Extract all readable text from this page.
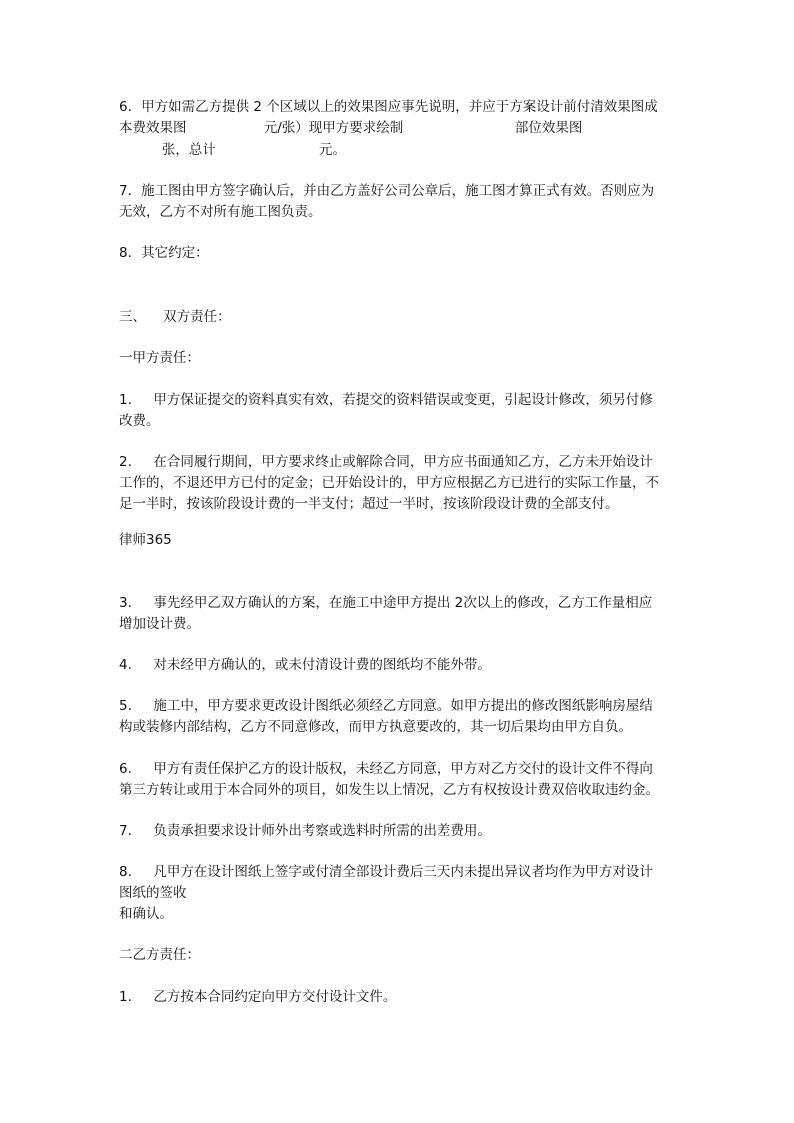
6．甲方如需乙方提供 2 个区域以上的效果图应事先说明，并应于方案设计前付清效果图成
本费效果图                  元/张）现甲方要求绘制                          部位效果图
张，总计                        元。
7．施工图由甲方签字确认后，并由乙方盖好公司公章后，施工图才算正式有效。否则应为
无效，乙方不对所有施工图负责。
8．其它约定：
三、    双方责任：
一甲方责任：
1.     甲方保证提交的资料真实有效，若提交的资料错误或变更，引起设计修改，须另付修
改费。
2.     在合同履行期间，甲方要求终止或解除合同，甲方应书面通知乙方，乙方未开始设计
工作的，不退还甲方已付的定金；已开始设计的，甲方应根据乙方已进行的实际工作量，不
足一半时，按该阶段设计费的一半支付；超过一半时，按该阶段设计费的全部支付。
律师365
3.     事先经甲乙双方确认的方案，在施工中途甲方提出 2次以上的修改，乙方工作量相应
增加设计费。
4.     对未经甲方确认的，或未付清设计费的图纸均不能外带。
5.     施工中，甲方要求更改设计图纸必须经乙方同意。如甲方提出的修改图纸影响房屋结
构或装修内部结构，乙方不同意修改，而甲方执意要改的，其一切后果均由甲方自负。
6.     甲方有责任保护乙方的设计版权，未经乙方同意，甲方对乙方交付的设计文件不得向
第三方转让或用于本合同外的项目，如发生以上情况，乙方有权按设计费双倍收取违约金。
7.     负责承担要求设计师外出考察或选料时所需的出差费用。
8.     凡甲方在设计图纸上签字或付清全部设计费后三天内未提出异议者均作为甲方对设计
图纸的签收
和确认。
二乙方责任：
1.     乙方按本合同约定向甲方交付设计文件。
